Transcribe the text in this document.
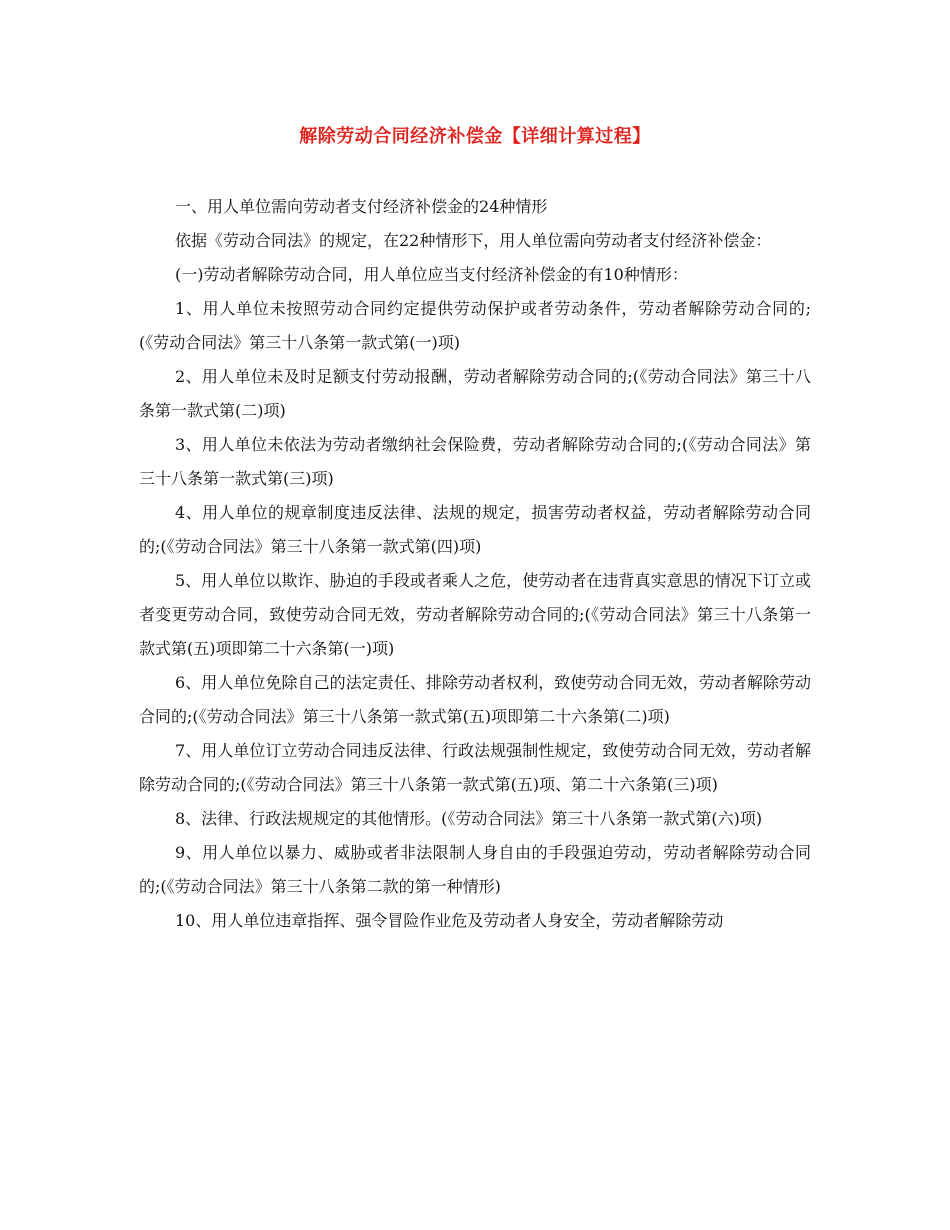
解除劳动合同经济补偿金【详细计算过程】

一、用人单位需向劳动者支付经济补偿金的24种情形

依据《劳动合同法》的规定，在22种情形下，用人单位需向劳动者支付经济补偿金：

(一)劳动者解除劳动合同，用人单位应当支付经济补偿金的有10种情形：

1、用人单位未按照劳动合同约定提供劳动保护或者劳动条件，劳动者解除劳动合同的;(《劳动合同法》第三十八条第一款式第(一)项)

2、用人单位未及时足额支付劳动报酬，劳动者解除劳动合同的;(《劳动合同法》第三十八条第一款式第(二)项)

3、用人单位未依法为劳动者缴纳社会保险费，劳动者解除劳动合同的;(《劳动合同法》第三十八条第一款式第(三)项)

4、用人单位的规章制度违反法律、法规的规定，损害劳动者权益，劳动者解除劳动合同的;(《劳动合同法》第三十八条第一款式第(四)项)

5、用人单位以欺诈、胁迫的手段或者乘人之危，使劳动者在违背真实意思的情况下订立或者变更劳动合同，致使劳动合同无效，劳动者解除劳动合同的;(《劳动合同法》第三十八条第一款式第(五)项即第二十六条第(一)项)

6、用人单位免除自己的法定责任、排除劳动者权利，致使劳动合同无效，劳动者解除劳动合同的;(《劳动合同法》第三十八条第一款式第(五)项即第二十六条第(二)项)

7、用人单位订立劳动合同违反法律、行政法规强制性规定，致使劳动合同无效，劳动者解除劳动合同的;(《劳动合同法》第三十八条第一款式第(五)项、第二十六条第(三)项)

8、法律、行政法规规定的其他情形。(《劳动合同法》第三十八条第一款式第(六)项)

9、用人单位以暴力、威胁或者非法限制人身自由的手段强迫劳动，劳动者解除劳动合同的;(《劳动合同法》第三十八条第二款的第一种情形)

10、用人单位违章指挥、强令冒险作业危及劳动者人身安全，劳动者解除劳动
